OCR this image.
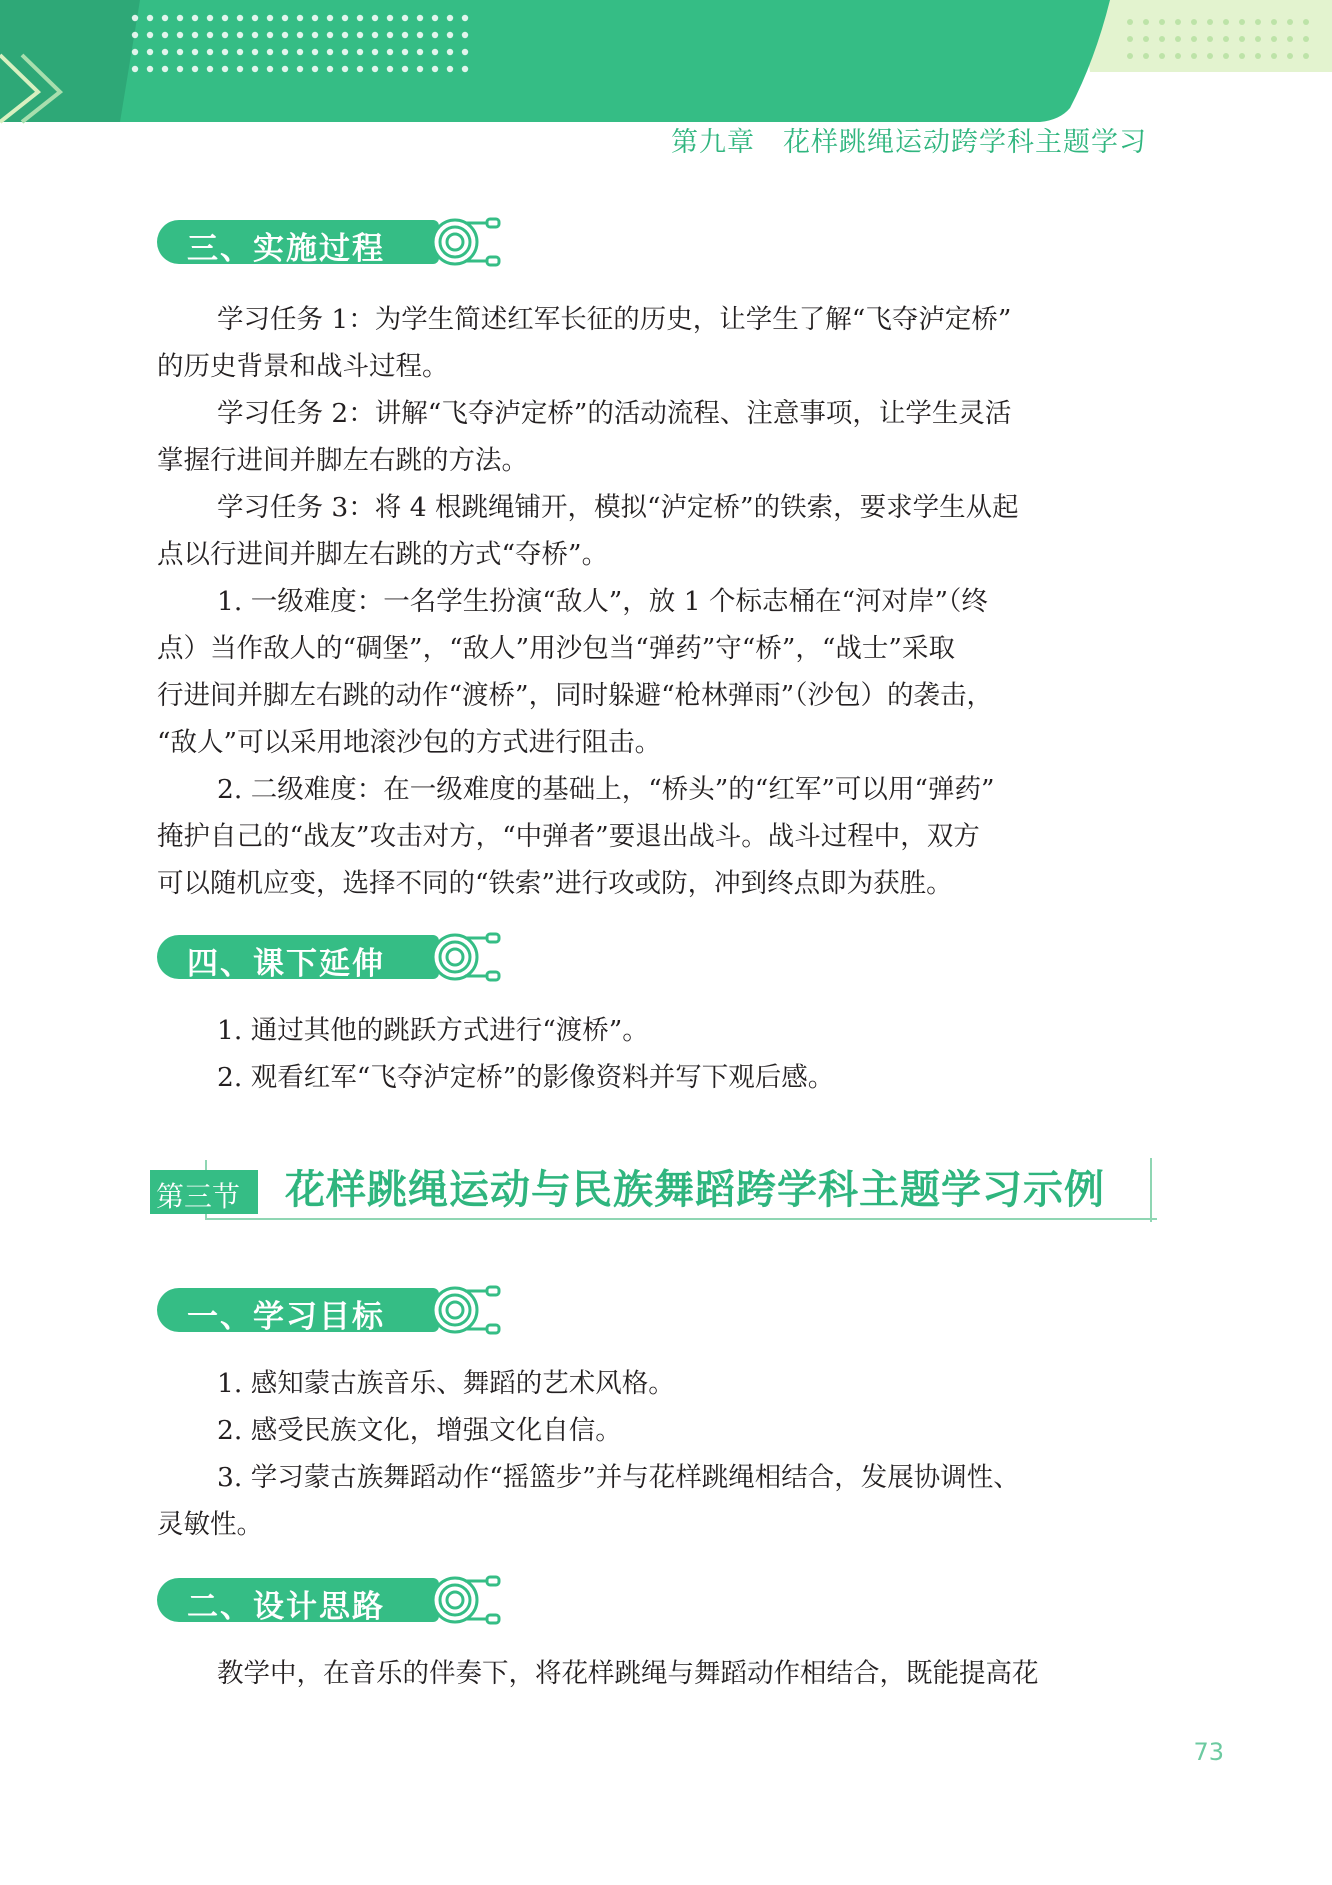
第九章　花样跳绳运动跨学科主题学习
三、实施过程
学习任务 1：为学生简述红军长征的历史，让学生了解“飞夺泸定桥”
的历史背景和战斗过程。
学习任务 2：讲解“飞夺泸定桥”的活动流程、注意事项，让学生灵活
掌握行进间并脚左右跳的方法。
学习任务 3：将 4 根跳绳铺开，模拟“泸定桥”的铁索，要求学生从起
点以行进间并脚左右跳的方式“夺桥”。
1. 一级难度：一名学生扮演“敌人”，放 1 个标志桶在“河对岸”（终
点）当作敌人的“碉堡”，“敌人”用沙包当“弹药”守“桥”，“战士”采取
行进间并脚左右跳的动作“渡桥”，同时躲避“枪林弹雨”（沙包）的袭击，
“敌人”可以采用地滚沙包的方式进行阻击。
2. 二级难度：在一级难度的基础上，“桥头”的“红军”可以用“弹药”
掩护自己的“战友”攻击对方，“中弹者”要退出战斗。战斗过程中，双方
可以随机应变，选择不同的“铁索”进行攻或防，冲到终点即为获胜。
四、课下延伸
1. 通过其他的跳跃方式进行“渡桥”。
2. 观看红军“飞夺泸定桥”的影像资料并写下观后感。
第三节 花样跳绳运动与民族舞蹈跨学科主题学习示例
一、学习目标
1. 感知蒙古族音乐、舞蹈的艺术风格。
2. 感受民族文化，增强文化自信。
3. 学习蒙古族舞蹈动作“摇篮步”并与花样跳绳相结合，发展协调性、
灵敏性。
二、设计思路
教学中，在音乐的伴奏下，将花样跳绳与舞蹈动作相结合，既能提高花
73
